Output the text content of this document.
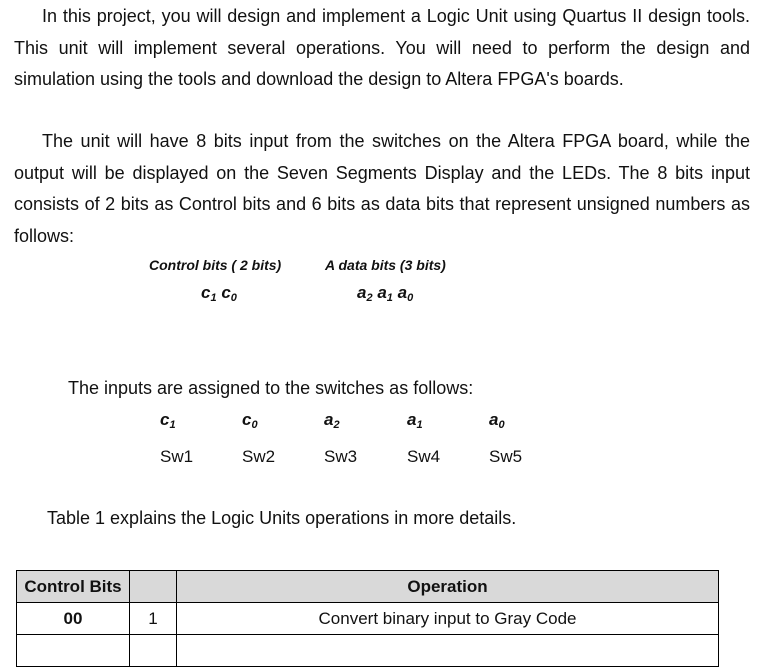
In this project, you will design and implement a Logic Unit using Quartus II design tools. This unit will implement several operations. You will need to perform the design and simulation using the tools and download the design to Altera FPGA's boards.

The unit will have 8 bits input from the switches on the Altera FPGA board, while the output will be displayed on the Seven Segments Display and the LEDs. The 8 bits input consists of 2 bits as Control bits and 6 bits as data bits that represent unsigned numbers as follows:

Control bits ( 2 bits)	A data bits (3 bits)
$c_1$ $c_0$	$a_2$ $a_1$ $a_0$
The inputs are assigned to the switches as follows:
$c_1$	$c_0$	$a_2$	$a_1$	$a_0$
Sw1	Sw2	Sw3	Sw4	Sw5
Table 1 explains the Logic Units operations in more details.
Control Bits		Operation
00	1	Convert binary input to Gray Code
